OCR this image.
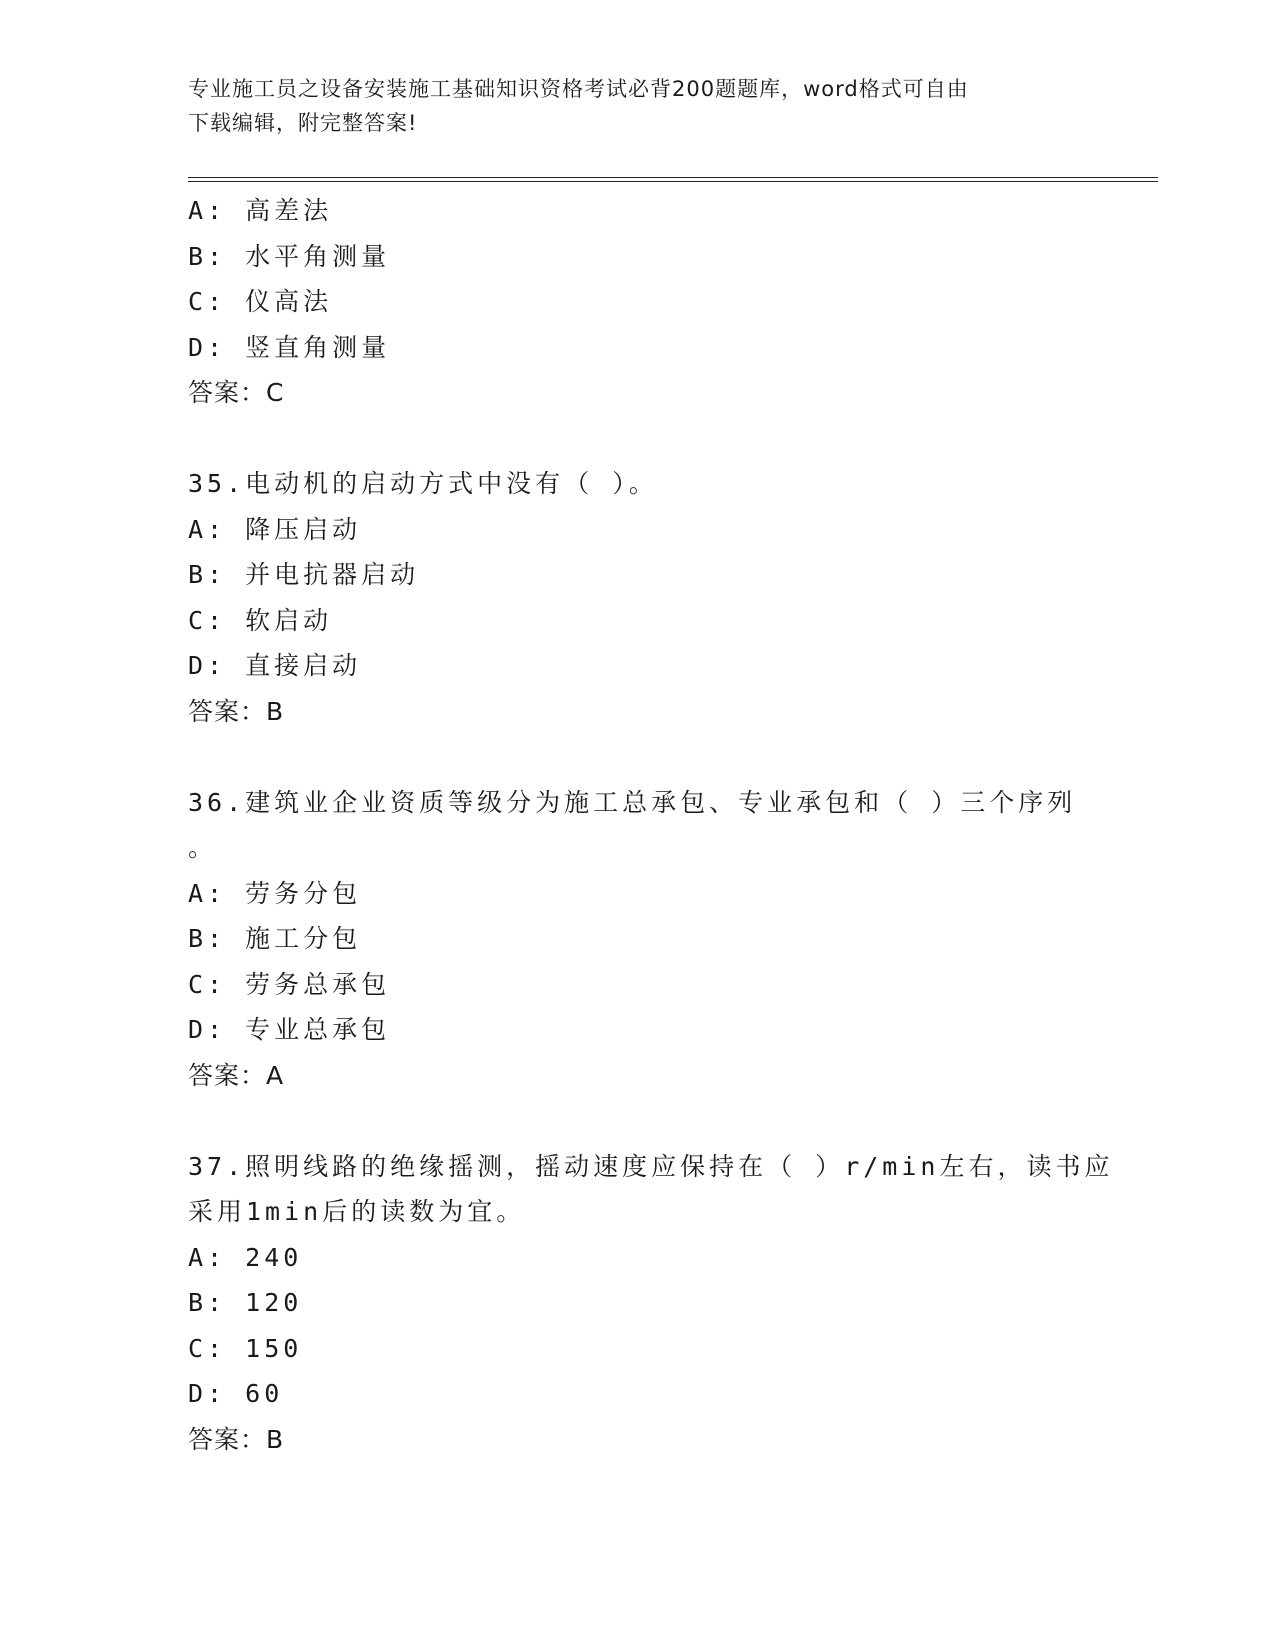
专业施工员之设备安装施工基础知识资格考试必背200题题库，word格式可自由
下载编辑，附完整答案!
A: 高差法
B: 水平角测量
C: 仪高法
D: 竖直角测量
答案：C
35.电动机的启动方式中没有（ ）。
A: 降压启动
B: 并电抗器启动
C: 软启动
D: 直接启动
答案：B
36.建筑业企业资质等级分为施工总承包、专业承包和（ ）三个序列
。
A: 劳务分包
B: 施工分包
C: 劳务总承包
D: 专业总承包
答案：A
37.照明线路的绝缘摇测，摇动速度应保持在（ ）r/min左右，读书应
采用1min后的读数为宜。
A: 240
B: 120
C: 150
D: 60
答案：B
